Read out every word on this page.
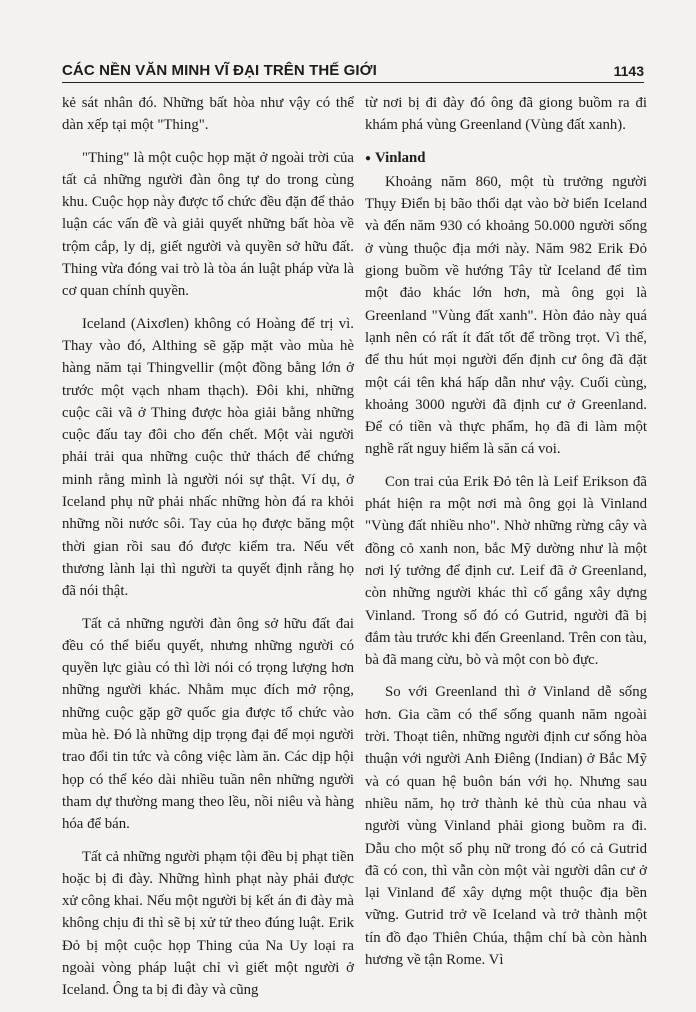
CÁC NỀN VĂN MINH VĨ ĐẠI TRÊN THẾ GIỚI	1143

kẻ sát nhân đó. Những bất hòa như vậy có thể dàn xếp tại một "Thing".

"Thing" là một cuộc họp mặt ở ngoài trời của tất cả những người đàn ông tự do trong cùng khu. Cuộc họp này được tổ chức đều đặn để thảo luận các vấn đề và giải quyết những bất hòa về trộm cắp, ly dị, giết người và quyền sở hữu đất. Thing vừa đóng vai trò là tòa án luật pháp vừa là cơ quan chính quyền.

Iceland (Aixơlen) không có Hoàng đế trị vì. Thay vào đó, Althing sẽ gặp mặt vào mùa hè hàng năm tại Thingvellir (một đồng bằng lớn ở trước một vạch nham thạch). Đôi khi, những cuộc cãi vã ở Thing được hòa giải bằng những cuộc đấu tay đôi cho đến chết. Một vài người phải trải qua những cuộc thử thách để chứng minh rằng mình là người nói sự thật. Ví dụ, ở Iceland phụ nữ phải nhấc những hòn đá ra khỏi những nồi nước sôi. Tay của họ được băng một thời gian rồi sau đó được kiểm tra. Nếu vết thương lành lại thì người ta quyết định rằng họ đã nói thật.

Tất cả những người đàn ông sở hữu đất đai đều có thể biểu quyết, nhưng những người có quyền lực giàu có thì lời nói có trọng lượng hơn những người khác. Nhằm mục đích mở rộng, những cuộc gặp gỡ quốc gia được tổ chức vào mùa hè. Đó là những dịp trọng đại để mọi người trao đổi tin tức và công việc làm ăn. Các dịp hội họp có thể kéo dài nhiều tuần nên những người tham dự thường mang theo lều, nồi niêu và hàng hóa để bán.

Tất cả những người phạm tội đều bị phạt tiền hoặc bị đi đày. Những hình phạt này phải được xử công khai. Nếu một người bị kết án đi đày mà không chịu đi thì sẽ bị xử tử theo đúng luật. Erik Đỏ bị một cuộc họp Thing của Na Uy loại ra ngoài vòng pháp luật chỉ vì giết một người ở Iceland. Ông ta bị đi đày và cũng

từ nơi bị đi đày đó ông đã giong buồm ra đi khám phá vùng Greenland (Vùng đất xanh).

● Vinland

Khoảng năm 860, một tù trưởng người Thụy Điển bị bão thổi dạt vào bờ biển Iceland và đến năm 930 có khoảng 50.000 người sống ở vùng thuộc địa mới này. Năm 982 Erik Đỏ giong buồm về hướng Tây từ Iceland để tìm một đảo khác lớn hơn, mà ông gọi là Greenland "Vùng đất xanh". Hòn đảo này quá lạnh nên có rất ít đất tốt để trồng trọt. Vì thế, để thu hút mọi người đến định cư ông đã đặt một cái tên khá hấp dẫn như vậy. Cuối cùng, khoảng 3000 người đã định cư ở Greenland. Để có tiền và thực phẩm, họ đã đi làm một nghề rất nguy hiểm là săn cá voi.

Con trai của Erik Đỏ tên là Leif Erikson đã phát hiện ra một nơi mà ông gọi là Vinland "Vùng đất nhiều nho". Nhờ những rừng cây và đồng cỏ xanh non, bắc Mỹ dường như là một nơi lý tưởng để định cư. Leif đã ở Greenland, còn những người khác thì cố gắng xây dựng Vinland. Trong số đó có Gutrid, người đã bị đắm tàu trước khi đến Greenland. Trên con tàu, bà đã mang cừu, bò và một con bò đực.

So với Greenland thì ở Vinland dễ sống hơn. Gia cầm có thể sống quanh năm ngoài trời. Thoạt tiên, những người định cư sống hòa thuận với người Anh Điêng (Indian) ở Bắc Mỹ và có quan hệ buôn bán với họ. Nhưng sau nhiều năm, họ trở thành kẻ thù của nhau và người vùng Vinland phải giong buồm ra đi. Dẫu cho một số phụ nữ trong đó có cả Gutrid đã có con, thì vẫn còn một vài người dân cư ở lại Vinland để xây dựng một thuộc địa bền vững. Gutrid trở về Iceland và trở thành một tín đồ đạo Thiên Chúa, thậm chí bà còn hành hương về tận Rome. Vì
